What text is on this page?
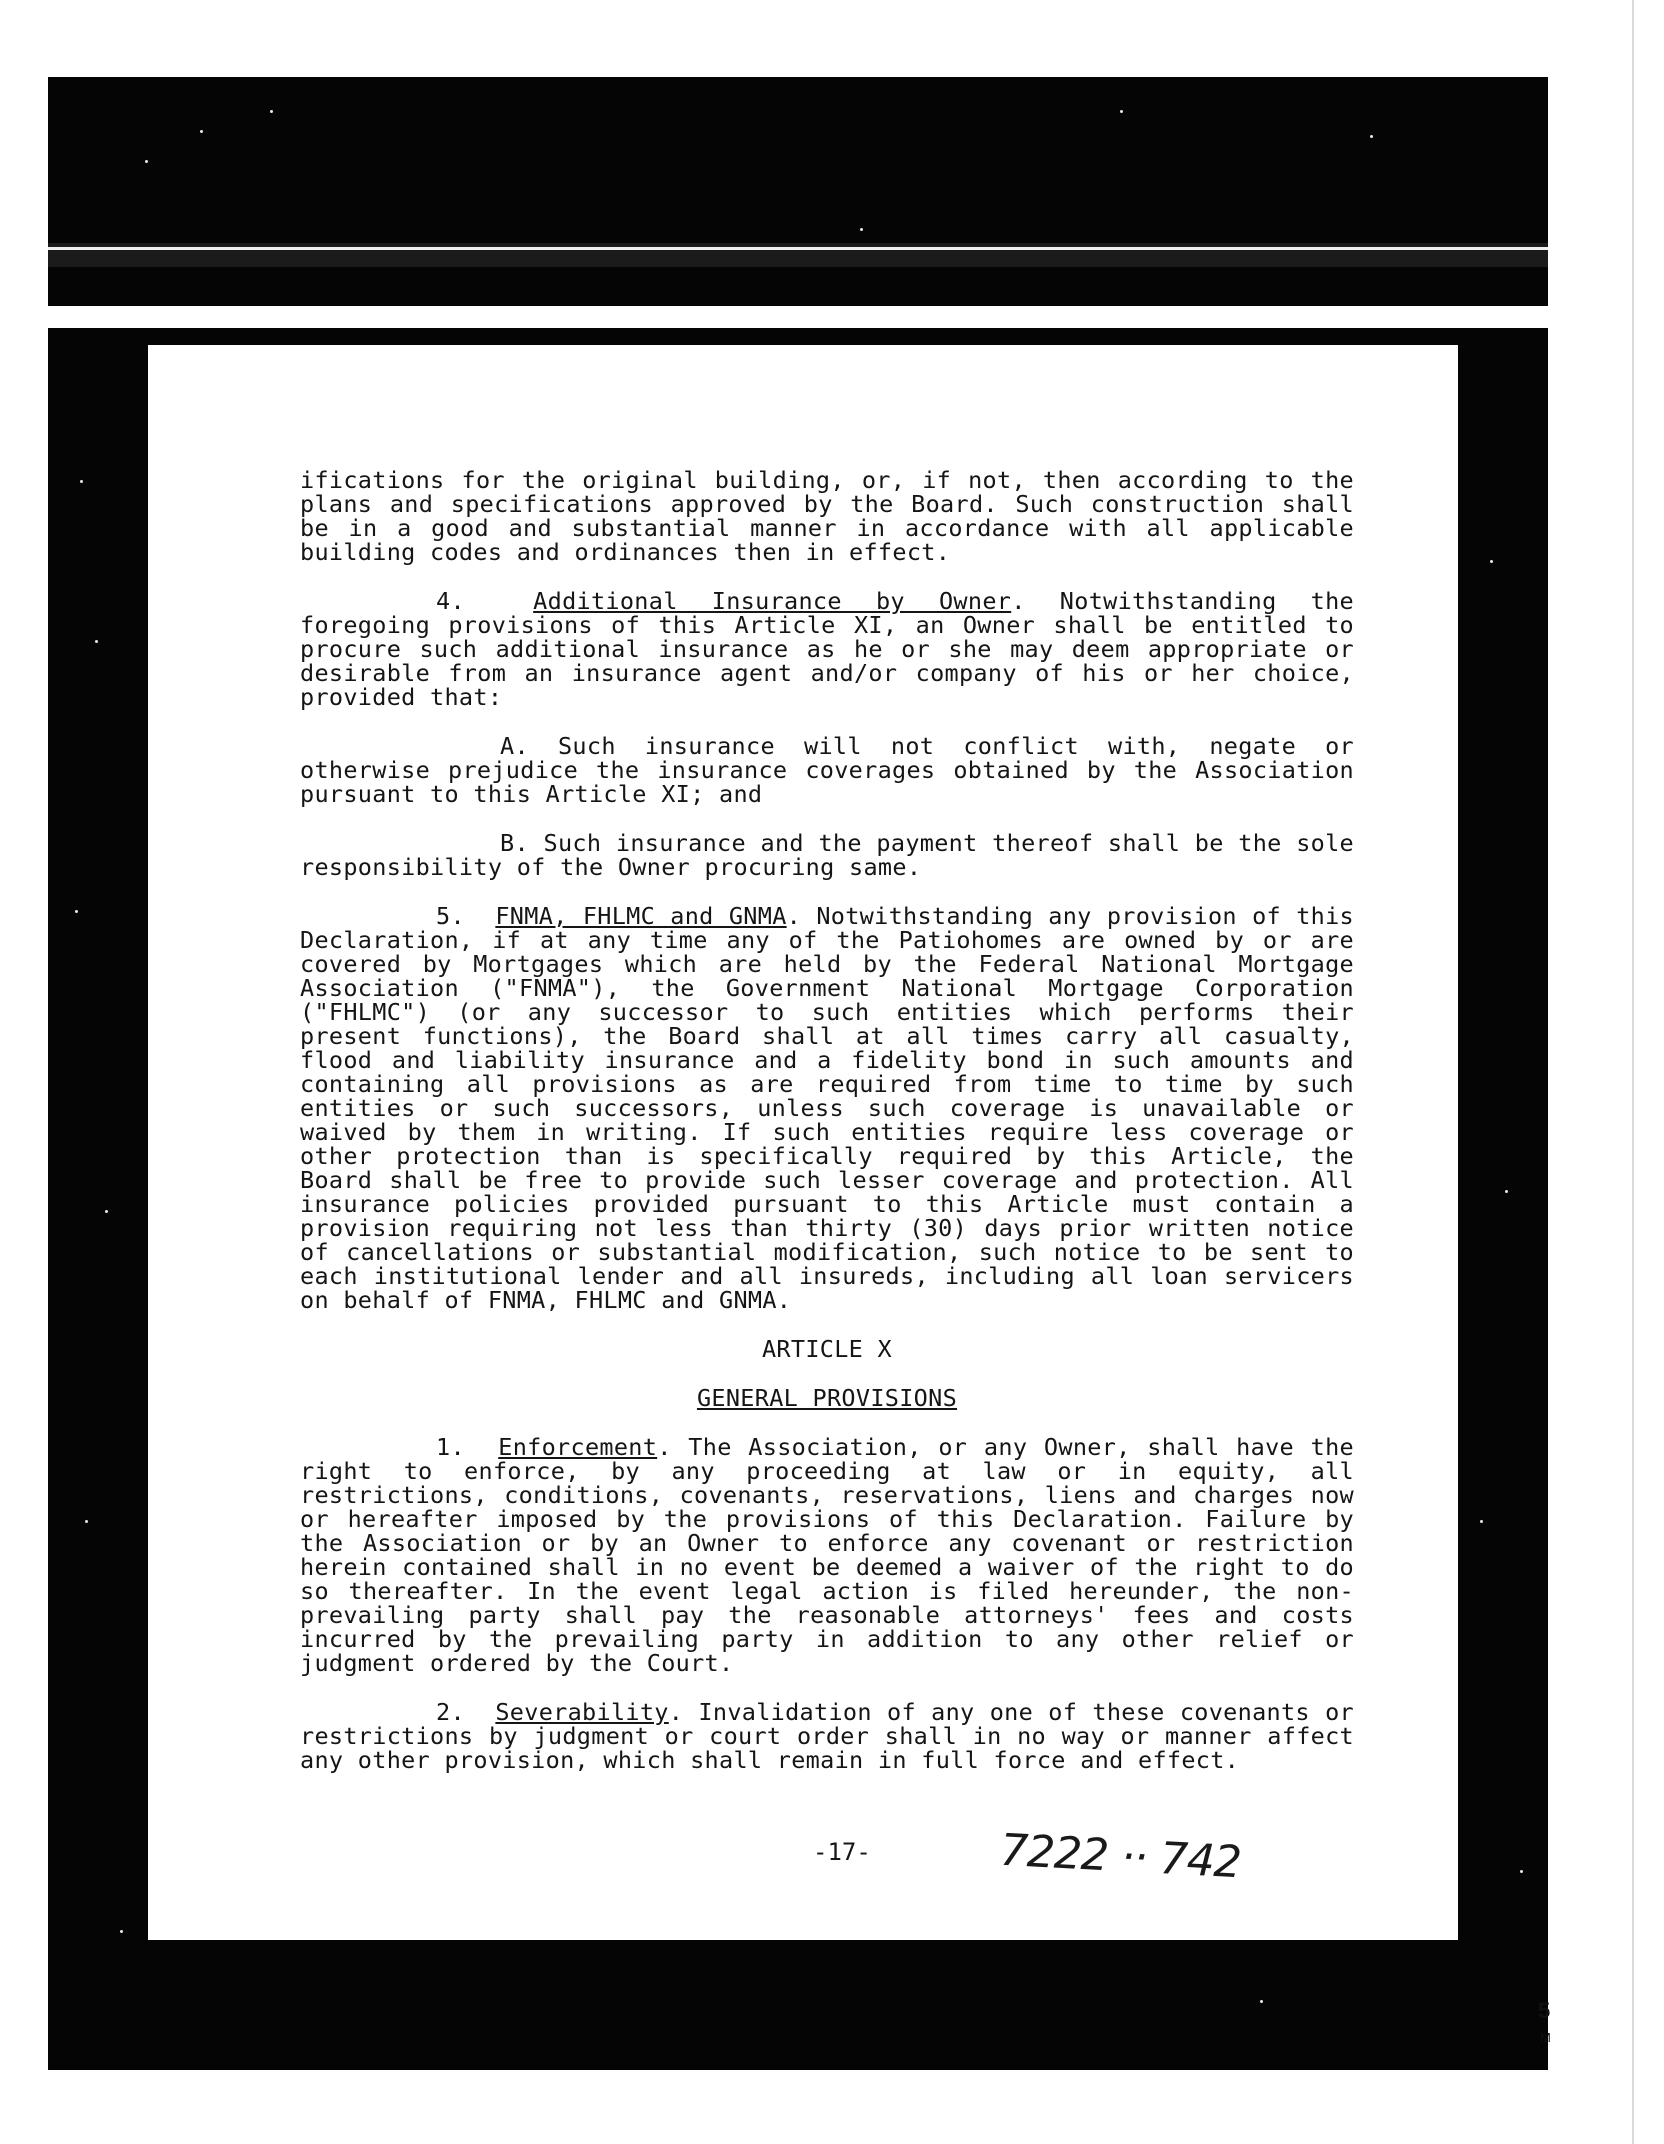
ifications for the original building, or, if not, then according to the plans and specifications approved by the Board. Such construction shall be in a good and substantial manner in accordance with all applicable building codes and ordinances then in effect.

4.	Additional Insurance by Owner. Notwithstanding the foregoing provisions of this Article XI, an Owner shall be entitled to procure such additional insurance as he or she may deem appropriate or desirable from an insurance agent and/or company of his or her choice, provided that:

A. Such insurance will not conflict with, negate or otherwise prejudice the insurance coverages obtained by the Association pursuant to this Article XI; and

B. Such insurance and the payment thereof shall be the sole responsibility of the Owner procuring same.

5. FNMA, FHLMC and GNMA. Notwithstanding any provision of this Declaration, if at any time any of the Patiohomes are owned by or are covered by Mortgages which are held by the Federal National Mortgage Association ("FNMA"), the Government National Mortgage Corporation ("FHLMC") (or any successor to such entities which performs their present functions), the Board shall at all times carry all casualty, flood and liability insurance and a fidelity bond in such amounts and containing all provisions as are required from time to time by such entities or such successors, unless such coverage is unavailable or waived by them in writing. If such entities require less coverage or other protection than is specifically required by this Article, the Board shall be free to provide such lesser coverage and protection. All insurance policies provided pursuant to this Article must contain a provision requiring not less than thirty (30) days prior written notice of cancellations or substantial modification, such notice to be sent to each institutional lender and all insureds, including all loan servicers on behalf of FNMA, FHLMC and GNMA.

ARTICLE X

GENERAL PROVISIONS

1. Enforcement. The Association, or any Owner, shall have the right to enforce, by any proceeding at law or in equity, all restrictions, conditions, covenants, reservations, liens and charges now or hereafter imposed by the provisions of this Declaration. Failure by the Association or by an Owner to enforce any covenant or restriction herein contained shall in no event be deemed a waiver of the right to do so thereafter. In the event legal action is filed hereunder, the non-prevailing party shall pay the reasonable attorneys' fees and costs incurred by the prevailing party in addition to any other relief or judgment ordered by the Court.

2. Severability. Invalidation of any one of these covenants or restrictions by judgment or court order shall in no way or manner affect any other provision, which shall remain in full force and effect.

-17-	7222 ·· 742
5
M
